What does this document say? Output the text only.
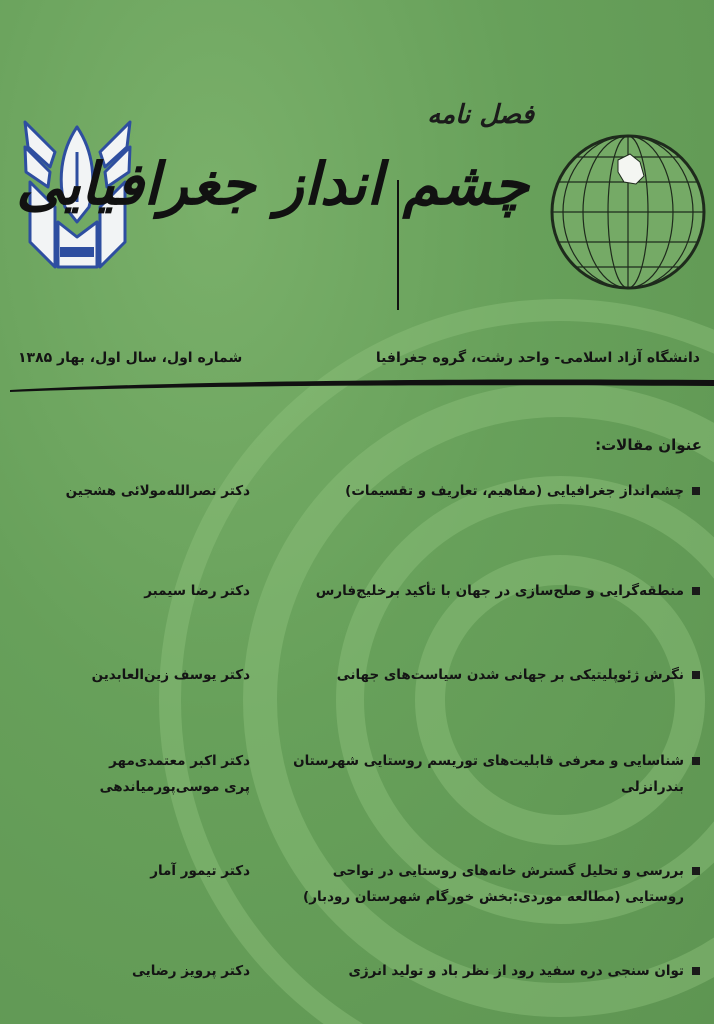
فصل نامه
چشم انداز جغرافیایی
دانشگاه آزاد اسلامی- واحد رشت، گروه جغرافیا
شماره اول، سال اول، بهار ۱۳۸۵
عنوان مقالات:
چشم‌انداز جغرافیایی (مفاهیم، تعاریف و تقسیمات)
دکتر نصرالله‌مولائی هشجین
منطقه‌گرایی و صلح‌سازی در جهان با تأکید برخلیج‌فارس
دکتر رضا سیمبر
نگرش ژئوپلیتیکی بر جهانی شدن سیاست‌های جهانی
دکتر یوسف زین‌العابدین
شناسایی و معرفی قابلیت‌های توریسم روستایی شهرستان
بندرانزلی
دکتر اکبر معتمدی‌مهر
پری موسی‌پورمیاندهی
بررسی و تحلیل گسترش خانه‌های روستایی در نواحی
روستایی (مطالعه موردی:بخش خورگام شهرستان رودبار)
دکتر تیمور آمار
توان سنجی دره سفید رود از نظر باد و تولید انرژی
دکتر پرویز رضایی
